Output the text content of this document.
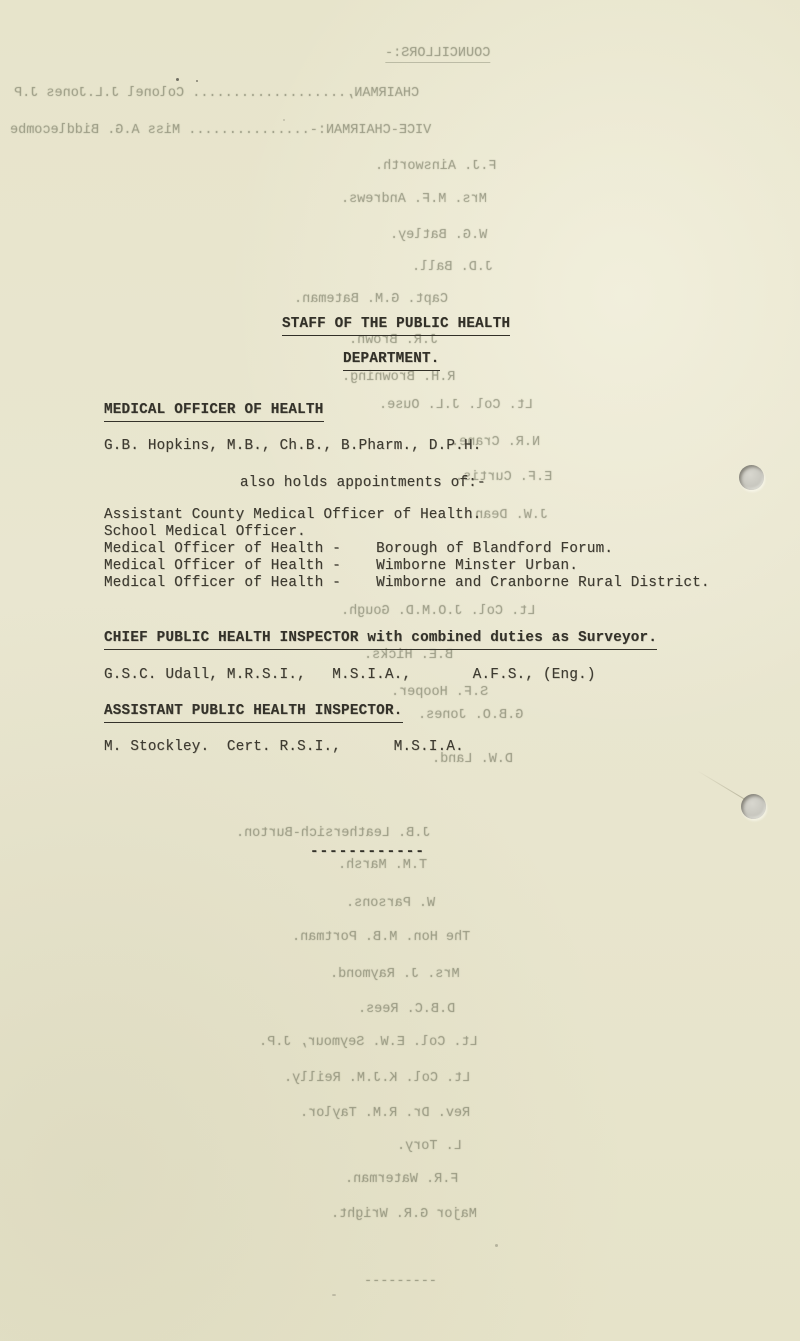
COUNCILLORS:-
CHAIRMAN,................... Colonel J.L.Jones J.P
VICE-CHAIRMAN:-............... Miss A.G. Biddlecombe
F.J. Ainsworth.
Mrs. M.F. Andrews.
W.G. Batley.
J.D. Ball.
Capt. G.M. Bateman.
J.R. Brown.
R.H. Browning.
Lt. Col. J.L. Ouse.
N.R. Crane.
E.F. Curtis.
J.W. Dean.
Lt. Col. J.O.M.D. Gough.
B.E. Hicks.
S.F. Hooper.
G.B.O. Jones.
D.W. Land.
J.B. Leathersich-Burton.
T.M. Marsh.
W. Parsons.
The Hon. M.B. Portman.
Mrs. J. Raymond.
D.B.C. Rees.
Lt. Col. E.W. Seymour, J.P.
Lt. Col. K.J.M. Reilly.
Rev. Dr. R.M. Taylor.
L. Tory.
F.R. Waterman.
Major G.R. Wright.
---------
STAFF OF THE PUBLIC HEALTH
DEPARTMENT.
MEDICAL OFFICER OF HEALTH
G.B. Hopkins, M.B., Ch.B., B.Pharm., D.P.H.
also holds appointments of:-
Assistant County Medical Officer of Health.
School Medical Officer.
Medical Officer of Health -    Borough of Blandford Forum.
Medical Officer of Health -    Wimborne Minster Urban.
Medical Officer of Health -    Wimborne and Cranborne Rural District.
CHIEF PUBLIC HEALTH INSPECTOR with combined duties as Surveyor.
G.S.C. Udall, M.R.S.I.,   M.S.I.A.,       A.F.S., (Eng.)
ASSISTANT PUBLIC HEALTH INSPECTOR.
M. Stockley.  Cert. R.S.I.,      M.S.I.A.
------------
